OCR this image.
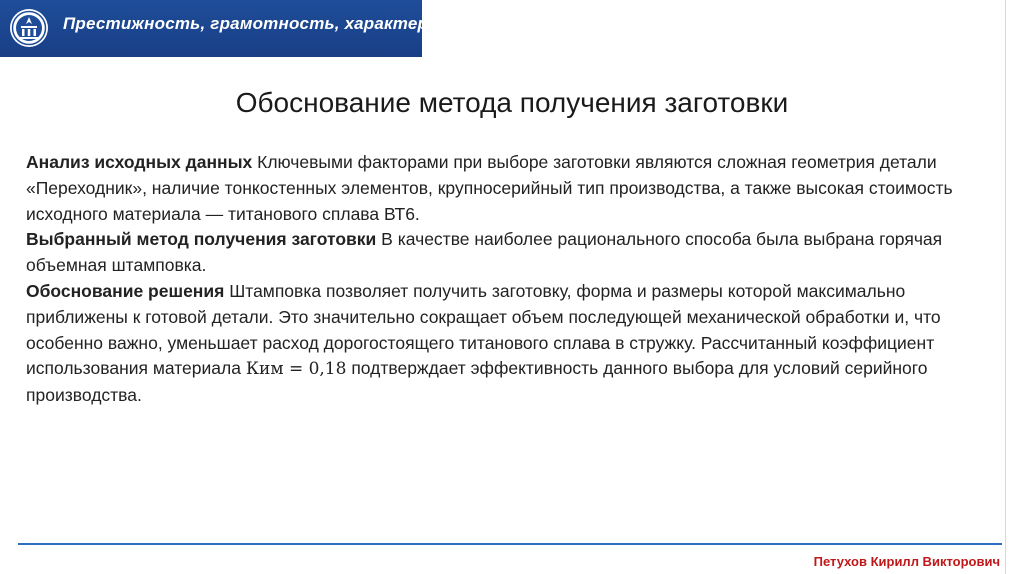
Престижность, грамотность, характер
Обоснование метода получения заготовки

Анализ исходных данных Ключевыми факторами при выборе заготовки являются сложная геометрия детали «Переходник», наличие тонкостенных элементов, крупносерийный тип производства, а также высокая стоимость исходного материала — титанового сплава ВТ6.

Выбранный метод получения заготовки В качестве наиболее рационального способа была выбрана горячая объемная штамповка.

Обоснование решения Штамповка позволяет получить заготовку, форма и размеры которой максимально приближены к готовой детали. Это значительно сокращает объем последующей механической обработки и, что особенно важно, уменьшает расход дорогостоящего титанового сплава в стружку. Рассчитанный коэффициент использования материала Ким = 0,18 подтверждает эффективность данного выбора для условий серийного производства.

Петухов Кирилл Викторович
